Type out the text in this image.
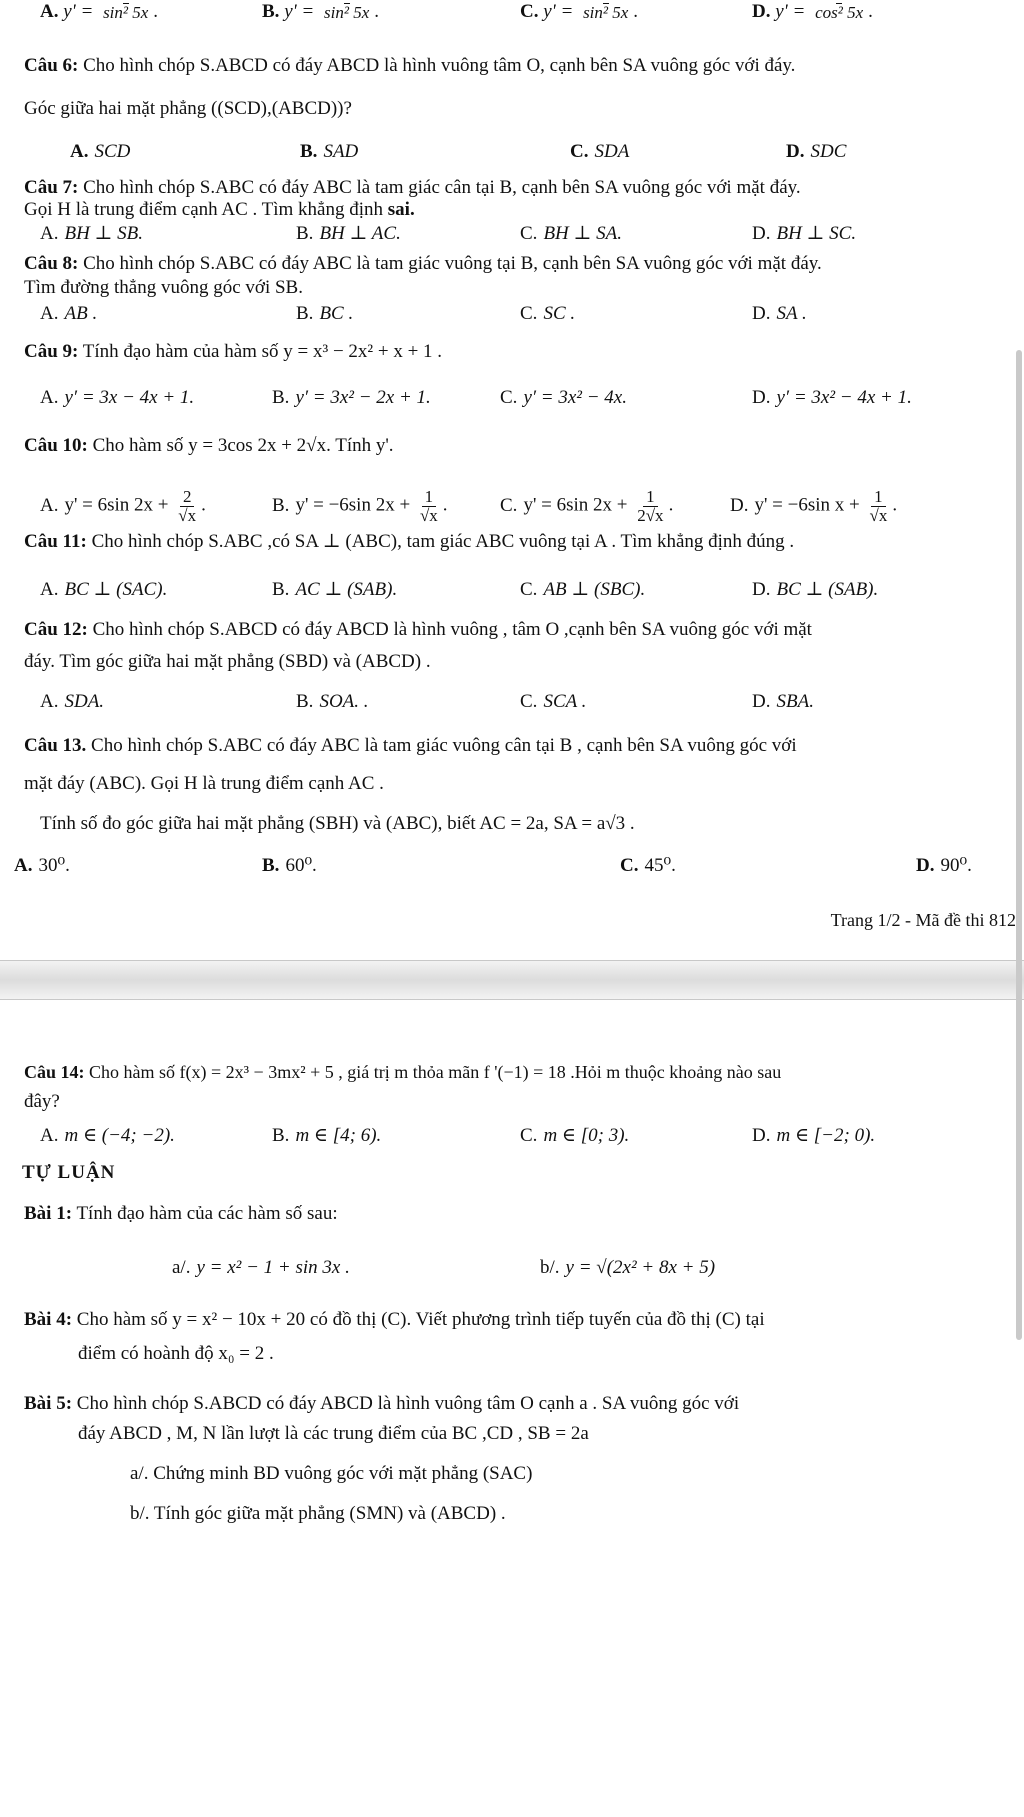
A. y' = sin² 5x .	B. y' = sin² 5x .	C. y' = sin² 5x .	D. y' = cos² 5x .
Câu 6: Cho hình chóp S.ABCD có đáy ABCD là hình vuông tâm O, cạnh bên SA vuông góc với đáy.
Góc giữa hai mặt phẳng ((SCD),(ABCD))?
A. SCD	B. SAD	C. SDA	D. SDC
Câu 7: Cho hình chóp S.ABC có đáy ABC là tam giác cân tại B, cạnh bên SA vuông góc với mặt đáy.
Gọi H là trung điểm cạnh AC . Tìm khẳng định sai.
A. BH ⊥ SB.	B. BH ⊥ AC.	C. BH ⊥ SA.	D. BH ⊥ SC.
Câu 8: Cho hình chóp S.ABC có đáy ABC là tam giác vuông tại B, cạnh bên SA vuông góc với mặt đáy.
Tìm đường thẳng vuông góc với SB.
A. AB .	B. BC .	C. SC .	D. SA .
Câu 9: Tính đạo hàm của hàm số y = x³ − 2x² + x + 1 .
A. y′ = 3x − 4x + 1.	B. y′ = 3x² − 2x + 1.	C. y′ = 3x² − 4x.	D. y′ = 3x² − 4x + 1.
Câu 10: Cho hàm số y = 3cos 2x + 2√x. Tính y'.
A. y' = 6sin $2x + \frac{2}{√x}$ .	B. y' = −6sin $2x + \frac{1}{√x}$ .	C. y' = 6sin $2x + \frac{1}{2√x}$ .	D. y' = −6sin $x + \frac{1}{√x}$ .
Câu 11: Cho hình chóp S.ABC ,có SA ⊥ (ABC), tam giác ABC vuông tại A . Tìm khẳng định đúng .
A. BC ⊥ (SAC).	B. AC ⊥ (SAB).	C. AB ⊥ (SBC).	D. BC ⊥ (SAB).
Câu 12: Cho hình chóp S.ABCD có đáy ABCD là hình vuông , tâm O ,cạnh bên SA vuông góc với mặt
đáy. Tìm góc giữa hai mặt phẳng (SBD) và (ABCD) .
A. SDA.	B. SOA. .	C. SCA .	D. SBA.
Câu 13. Cho hình chóp S.ABC có đáy ABC là tam giác vuông cân tại B , cạnh bên SA vuông góc với
mặt đáy (ABC). Gọi H là trung điểm cạnh AC .
Tính số đo góc giữa hai mặt phẳng (SBH) và (ABC), biết AC = 2a, SA = a√3 .
A. 30⁰.	B. 60⁰.	C. 45⁰.	D. 90⁰.
Trang 1/2 - Mã đề thi 812
Câu 14: Cho hàm số f(x) = 2x³ − 3mx² + 5 , giá trị m thỏa mãn f '(−1) = 18 .Hỏi m thuộc khoảng nào sau
đây?
A. m ∈ (−4; −2).	B. m ∈ [4; 6).	C. m ∈ [0; 3).	D. m ∈ [−2; 0).
TỰ LUẬN
Bài 1: Tính đạo hàm của các hàm số sau:
a/. y = x² − 1 + sin 3x .	b/. y = √(2x² + 8x + 5)
Bài 4: Cho hàm số y = x² − 10x + 20 có đồ thị (C). Viết phương trình tiếp tuyến của đồ thị (C) tại
điểm có hoành độ x₀ = 2 .
Bài 5: Cho hình chóp S.ABCD có đáy ABCD là hình vuông tâm O cạnh a . SA vuông góc với
đáy ABCD , M, N lần lượt là các trung điểm của BC ,CD , SB = 2a
a/. Chứng minh BD vuông góc với mặt phẳng (SAC)
b/. Tính góc giữa mặt phẳng (SMN) và (ABCD) .
